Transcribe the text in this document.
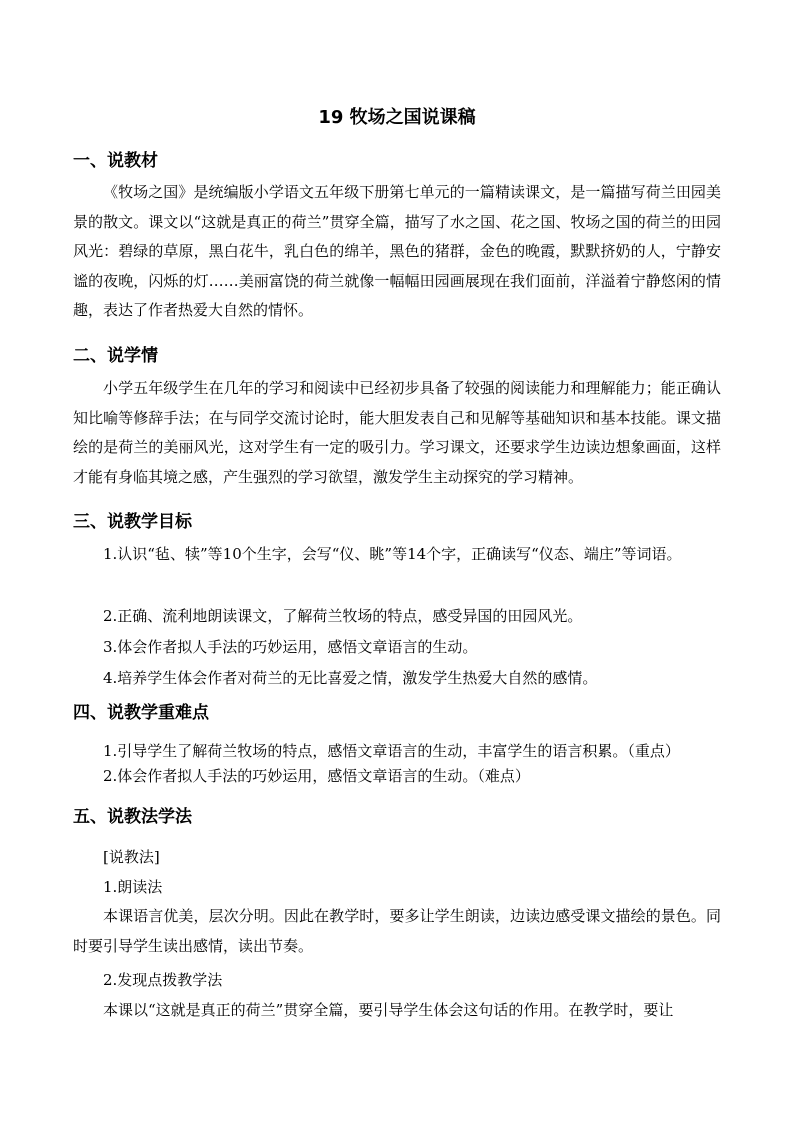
19 牧场之国说课稿
一、说教材

《牧场之国》是统编版小学语文五年级下册第七单元的一篇精读课文，是一篇描写荷兰田园美景的散文。课文以“这就是真正的荷兰”贯穿全篇，描写了水之国、花之国、牧场之国的荷兰的田园风光：碧绿的草原，黑白花牛，乳白色的绵羊，黑色的猪群，金色的晚霞，默默挤奶的人，宁静安谧的夜晚，闪烁的灯……美丽富饶的荷兰就像一幅幅田园画展现在我们面前，洋溢着宁静悠闲的情趣，表达了作者热爱大自然的情怀。

二、说学情

小学五年级学生在几年的学习和阅读中已经初步具备了较强的阅读能力和理解能力；能正确认知比喻等修辞手法；在与同学交流讨论时，能大胆发表自己和见解等基础知识和基本技能。课文描绘的是荷兰的美丽风光，这对学生有一定的吸引力。学习课文，还要求学生边读边想象画面，这样才能有身临其境之感，产生强烈的学习欲望，激发学生主动探究的学习精神。

三、说教学目标

1.认识“毡、犊”等10个生字，会写“仪、眺”等14个字，正确读写“仪态、端庄”等词语。

2.正确、流利地朗读课文，了解荷兰牧场的特点，感受异国的田园风光。
3.体会作者拟人手法的巧妙运用，感悟文章语言的生动。
4.培养学生体会作者对荷兰的无比喜爱之情，激发学生热爱大自然的感情。
四、说教学重难点
1.引导学生了解荷兰牧场的特点，感悟文章语言的生动，丰富学生的语言积累。（重点）
2.体会作者拟人手法的巧妙运用，感悟文章语言的生动。（难点）
五、说教法学法
[说教法]
1.朗读法

本课语言优美，层次分明。因此在教学时，要多让学生朗读，边读边感受课文描绘的景色。同时要引导学生读出感情，读出节奏。

2.发现点拨教学法

本课以“这就是真正的荷兰”贯穿全篇，要引导学生体会这句话的作用。在教学时，要让
